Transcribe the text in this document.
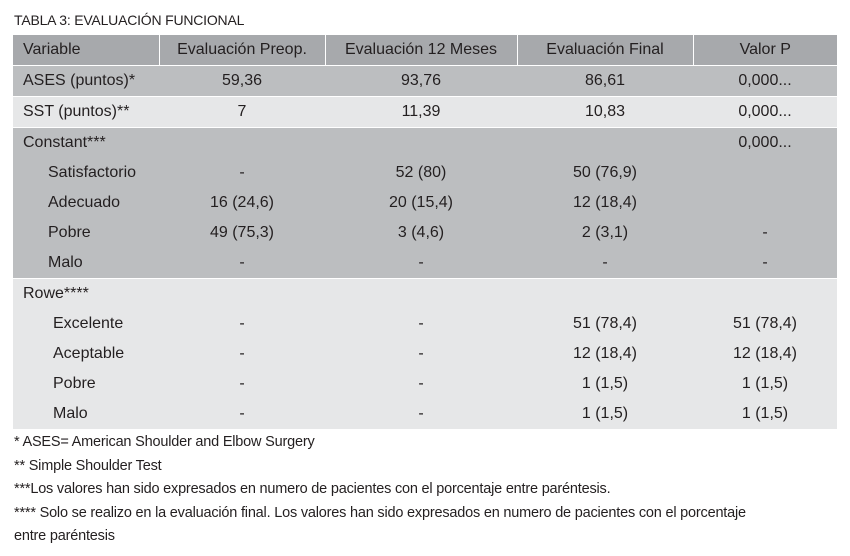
TABLA 3: EVALUACIÓN FUNCIONAL
Variable	Evaluación Preop.	Evaluación 12 Meses	Evaluación Final	Valor P
ASES (puntos)*	59,36	93,76	86,61	0,000...
SST (puntos)**	7	11,39	10,83	0,000...
Constant***				0,000...
Satisfactorio	-	52 (80)	50 (76,9)	
Adecuado	16 (24,6)	20 (15,4)	12 (18,4)	
Pobre	49 (75,3)	3 (4,6)	2 (3,1)	-
Malo	-	-	-	-
Rowe****				
Excelente	-	-	51 (78,4)	51 (78,4)
Aceptable	-	-	12 (18,4)	12 (18,4)
Pobre	-	-	1 (1,5)	1 (1,5)
Malo	-	-	1 (1,5)	1 (1,5)
* ASES= American Shoulder and Elbow Surgery
** Simple Shoulder Test
***Los valores han sido expresados en numero de pacientes con el porcentaje entre paréntesis.
**** Solo se realizo en la evaluación final. Los valores han sido expresados en numero de pacientes con el porcentaje
entre paréntesis
